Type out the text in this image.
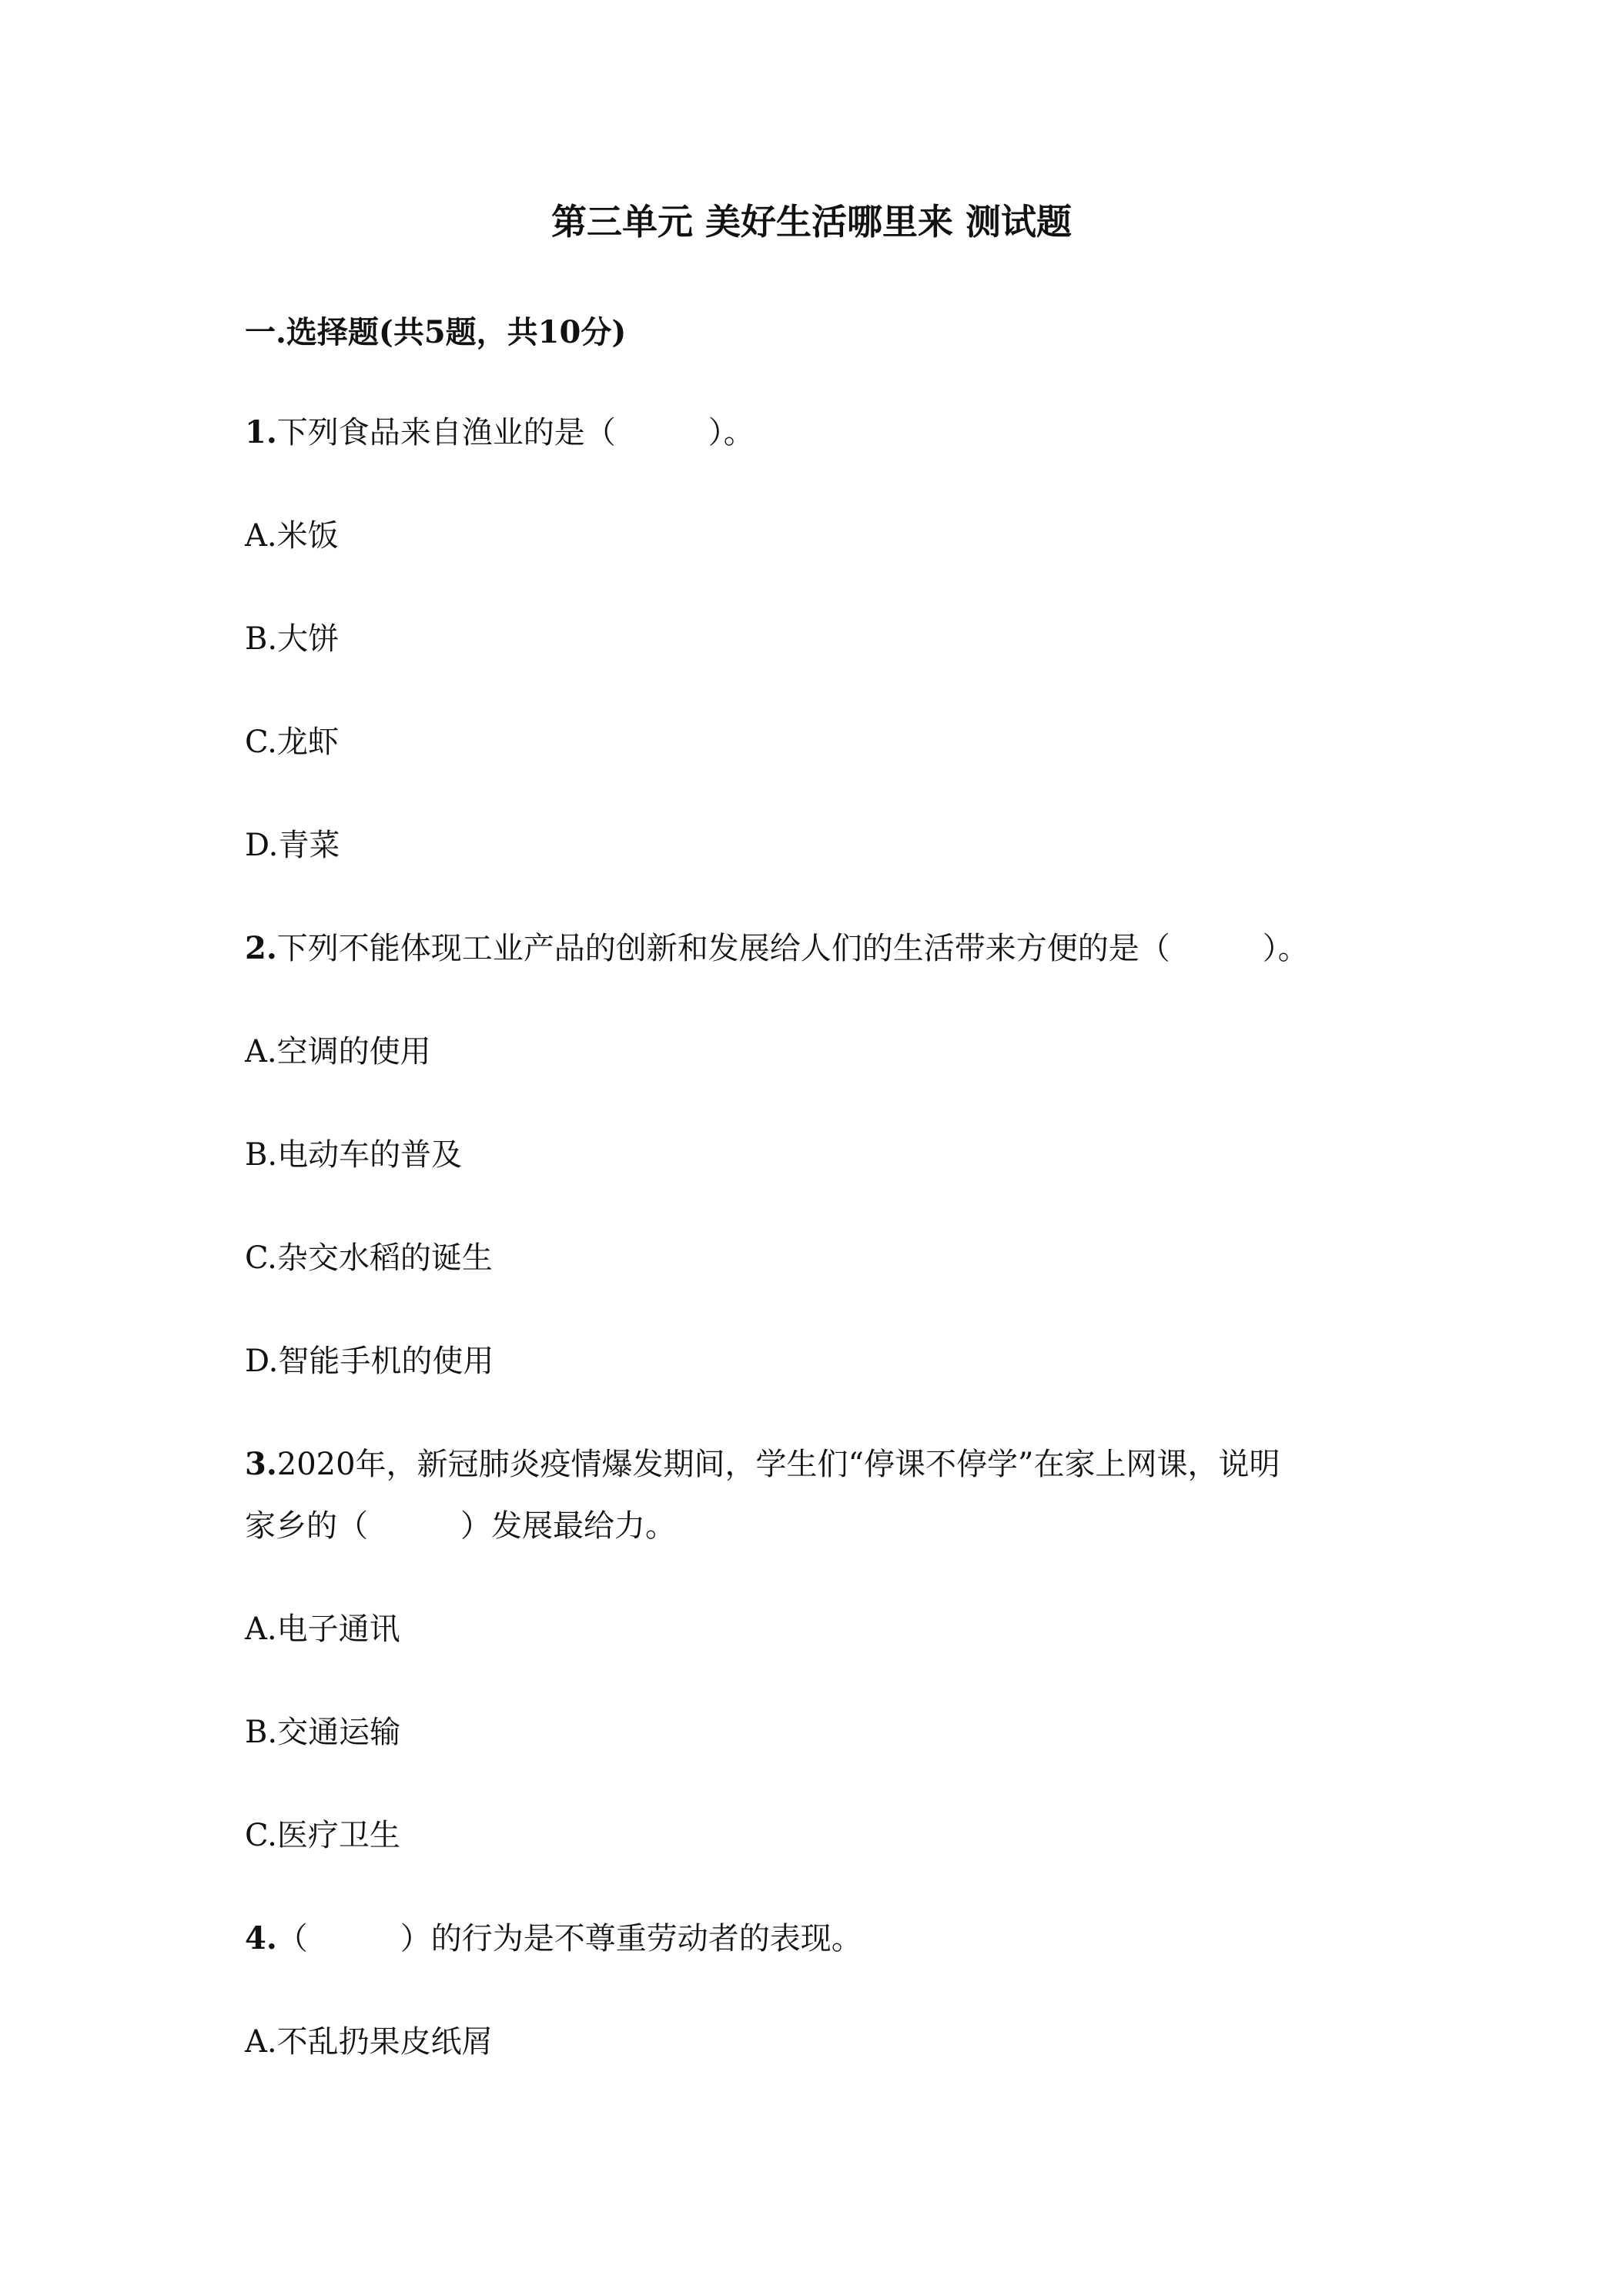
第三单元 美好生活哪里来 测试题
一.选择题(共5题，共10分)
1.下列食品来自渔业的是（　　　）。
A.米饭
B.大饼
C.龙虾
D.青菜
2.下列不能体现工业产品的创新和发展给人们的生活带来方便的是（　　　）。
A.空调的使用
B.电动车的普及
C.杂交水稻的诞生
D.智能手机的使用
3.2020年，新冠肺炎疫情爆发期间，学生们“停课不停学”在家上网课，说明
家乡的（　　　）发展最给力。
A.电子通讯
B.交通运输
C.医疗卫生
4.（　　　）的行为是不尊重劳动者的表现。
A.不乱扔果皮纸屑
